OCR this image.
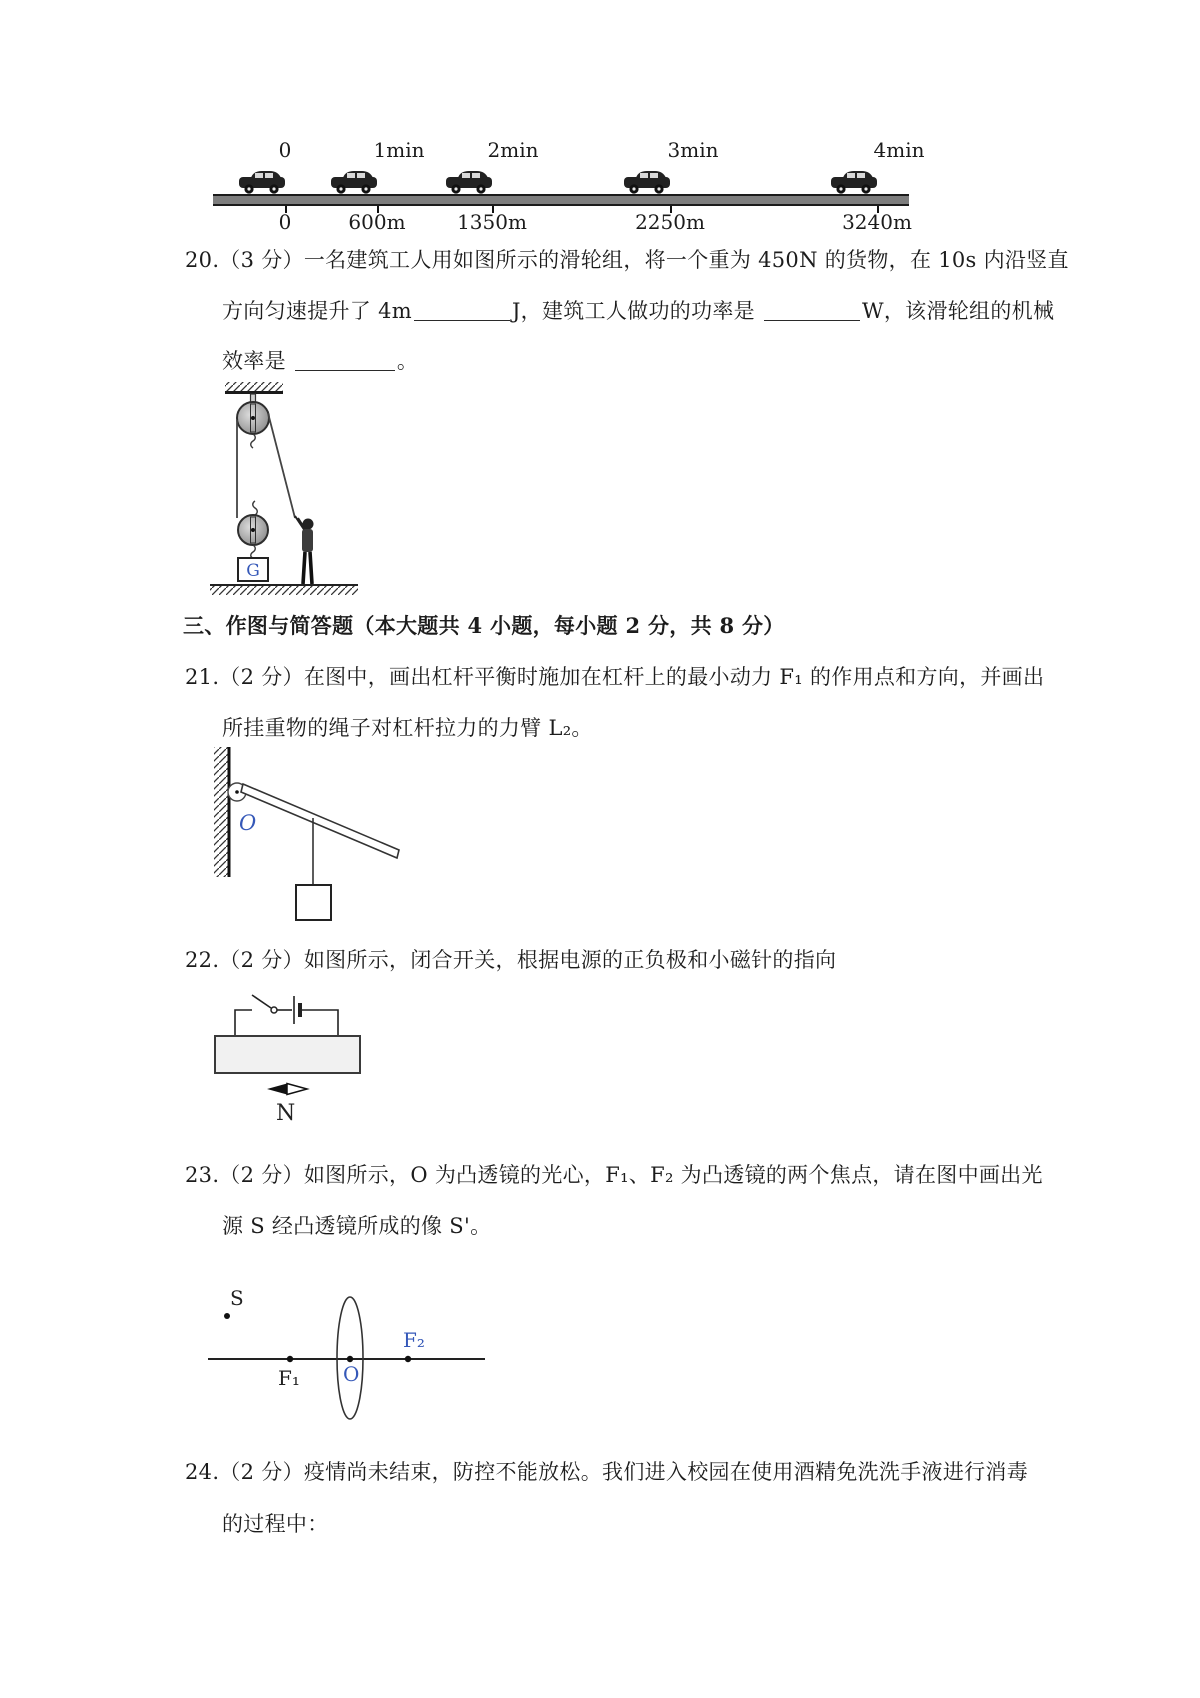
0	1min	2min	3min	4min
0	600m	1350m	2250m	3240m
20.（3 分）一名建筑工人用如图所示的滑轮组，将一个重为 450N 的货物，在 10s 内沿竖直
方向匀速提升了 4m	J，建筑工人做功的功率是	W，该滑轮组的机械
效率是	。
G
三、作图与简答题（本大题共 4 小题，每小题 2 分，共 8 分）
21.（2 分）在图中，画出杠杆平衡时施加在杠杆上的最小动力 F₁ 的作用点和方向，并画出
所挂重物的绳子对杠杆拉力的力臂 L₂。
O
22.（2 分）如图所示，闭合开关，根据电源的正负极和小磁针的指向
N
23.（2 分）如图所示，O 为凸透镜的光心，F₁、F₂ 为凸透镜的两个焦点，请在图中画出光
源 S 经凸透镜所成的像 S'。
S
F₁ O
F₂
24.（2 分）疫情尚未结束，防控不能放松。我们进入校园在使用酒精免洗洗手液进行消毒
的过程中：
